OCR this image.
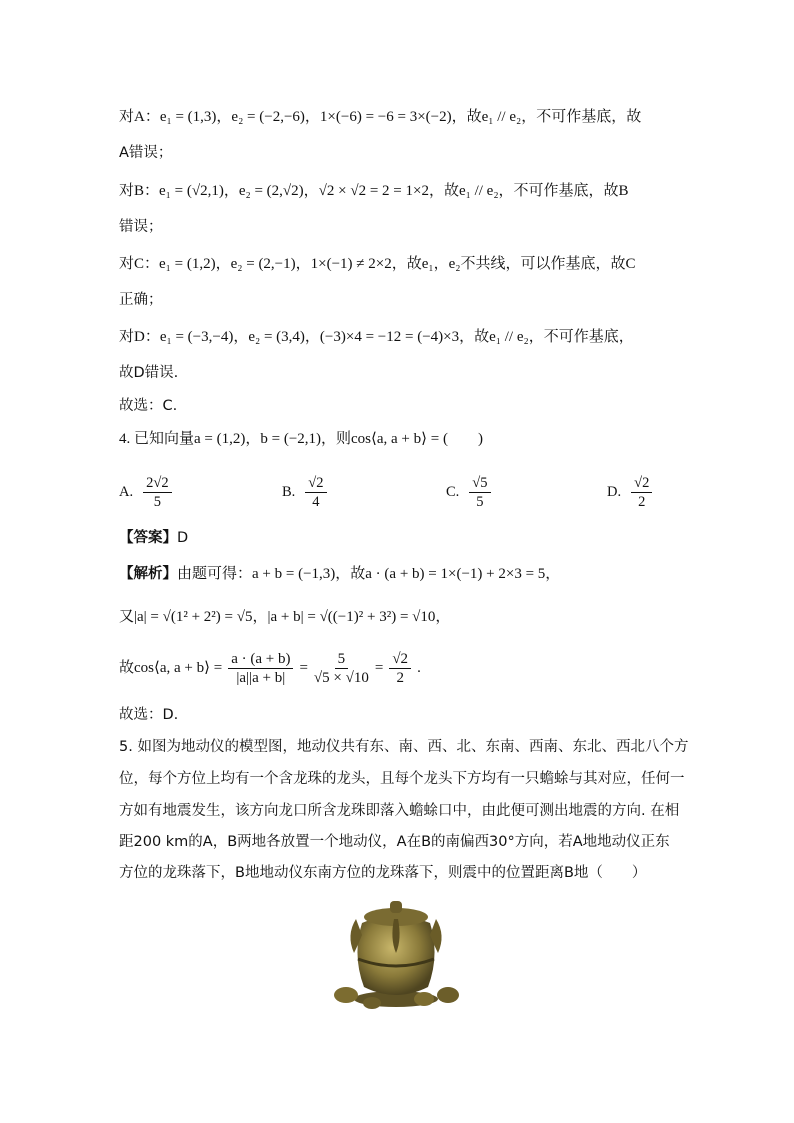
对A：e₁ = (1,3)，e₂ = (−2,−6)，1×(−6) = −6 = 3×(−2)，故e₁ // e₂，不可作基底，故
A错误；
对B：e₁ = (√2,1)，e₂ = (2,√2)，√2 × √2 = 2 = 1×2，故e₁ // e₂，不可作基底，故B
错误；
对C：e₁ = (1,2)，e₂ = (2,−1)，1×(−1) ≠ 2×2，故e₁，e₂不共线，可以作基底，故C
正确；
对D：e₁ = (−3,−4)，e₂ = (3,4)，(−3)×4 = −12 = (−4)×3，故e₁ // e₂，不可作基底，
故D错误.
故选：C.
4. 已知向量a = (1,2)，b = (−2,1)，则cos⟨a, a + b⟩ = (　　)
A. $\frac{2√2}{5}$	B. $\frac{√2}{4}$	C. $\frac{√5}{5}$	D. $\frac{√2}{2}$
【答案】D
【解析】由题可得：a + b = (−1,3)，故a · (a + b) = 1×(−1) + 2×3 = 5，
又|a| = √(1² + 2²) = √5，|a + b| = √((−1)² + 3²) = √10，
故cos⟨a, a + b⟩ = $\frac{a \cdot (a + b)}{|a||a + b|} = \frac{5}{√5 \times √10} = \frac{√2}{2}$ .
故选：D.
5. 如图为地动仪的模型图，地动仪共有东、南、西、北、东南、西南、东北、西北八个方
位，每个方位上均有一个含龙珠的龙头，且每个龙头下方均有一只蟾蜍与其对应，任何一
方如有地震发生，该方向龙口所含龙珠即落入蟾蜍口中，由此便可测出地震的方向. 在相
距200 km的A，B两地各放置一个地动仪，A在B的南偏西30°方向，若A地地动仪正东
方位的龙珠落下，B地地动仪东南方位的龙珠落下，则震中的位置距离B地（　　）
